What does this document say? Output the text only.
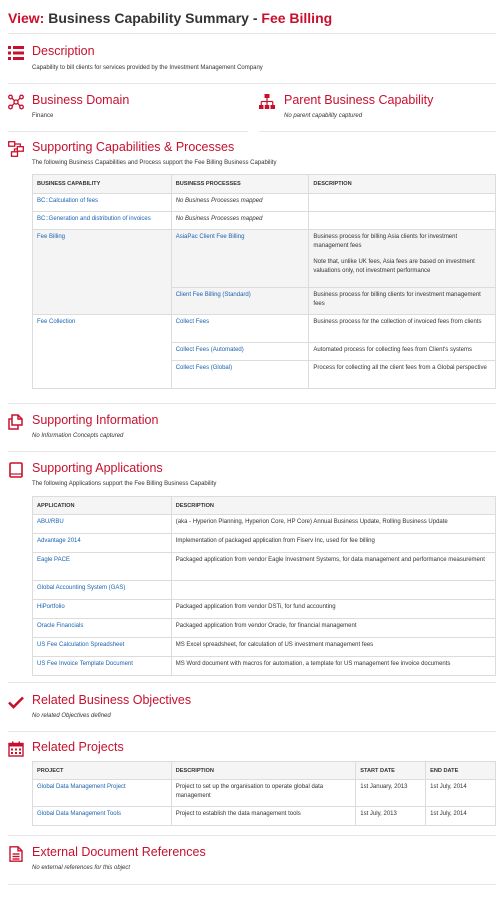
View: Business Capability Summary - Fee Billing
Description
Capability to bill clients for services provided by the Investment Management Company
Business Domain
Finance
Parent Business Capability
No parent capability captured
Supporting Capabilities & Processes
The following Business Capabilities and Process support the Fee Billing Business Capability
BUSINESS CAPABILITY	BUSINESS PROCESSES	DESCRIPTION
BC::Calculation of fees	No Business Processes mapped	
BC::Generation and distribution of invoices	No Business Processes mapped	
Fee Billing	AsiaPac Client Fee Billing	Business process for billing Asia clients for investment management fees
Note that, unlike UK fees, Asia fees are based on investment valuations only, not investment performance

	Client Fee Billing (Standard)	Business process for billing clients for investment management fees
Fee Collection	Collect Fees	Business process for the collection of invoiced fees from clients
	Collect Fees (Automated)	Automated process for collecting fees from Client's systems
	Collect Fees (Global)	Process for collecting all the client fees from a Global perspective
Supporting Information
No Information Concepts captured
Supporting Applications
The following Applications support the Fee Billing Business Capability
APPLICATION	DESCRIPTION
ABU/RBU	(aka - Hyperion Planning, Hyperion Core, HP Core) Annual Business Update, Rolling Business Update
Advantage 2014	Implementation of packaged application from Fiserv Inc, used for fee billing
Eagle PACE	Packaged application from vendor Eagle Investment Systems, for data management and performance measurement
Global Accounting System (GAS)	
HiPortfolio	Packaged application from vendor DSTi, for fund accounting
Oracle Financials	Packaged application from vendor Oracle, for financial management
US Fee Calculation Spreadsheet	MS Excel spreadsheet, for calculation of US investment management fees
US Fee Invoice Template Document	MS Word document with macros for automation, a template for US management fee invoice documents
Related Business Objectives
No related Objectives defined
Related Projects
PROJECT	DESCRIPTION	START DATE	END DATE
Global Data Management Project	Project to set up the organisation to operate global data management	1st January, 2013	1st July, 2014
Global Data Management Tools	Project to establish the data management tools	1st July, 2013	1st July, 2014
External Document References
No external references for this object
